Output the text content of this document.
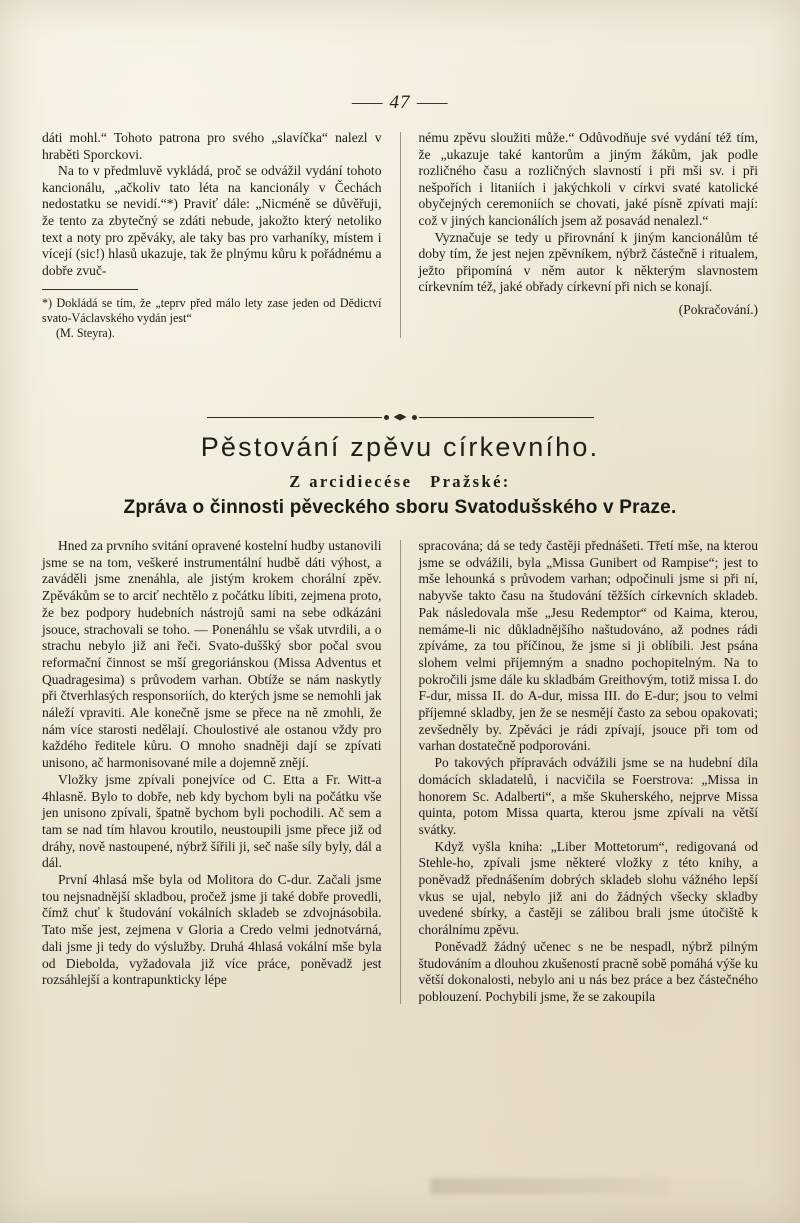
— 47 —

dáti mohl.“ Tohoto patrona pro svého „slavíčka“ nalezl v hraběti Sporckovi.

Na to v předmluvě vykládá, proč se odvážil vydání tohoto kancionálu, „ačkoliv tato léta na kancionály v Čechách nedostatku se nevidí.“*) Praviť dále: „Nicméně se důvěřuji, že tento za zbytečný se zdáti nebude, jakožto který netoliko text a noty pro zpěváky, ale taky bas pro varhaníky, místem i vícejí (sic!) hlasů ukazuje, tak že plnýmu kůru k pořádnému a dobře zvuč-

*) Dokládá se tím, že „teprv před málo lety zase jeden od Dědictví svato-Václavského vydán jest“
(M. Steyra).

nému zpěvu sloužiti může.“ Odůvodňuje své vydání též tím, že „ukazuje také kantorům a jiným žákům, jak podle rozličného času a rozličných slavností i při mši sv. i při nešpořích i litaniích i jakýchkoli v církvi svaté katolické obyčejných ceremoniích se chovati, jaké písně zpívati mají: což v jiných kancionálích jsem až posavád nenalezl.“

Vyznačuje se tedy u přirovnání k jiným kancionálům té doby tím, že jest nejen zpěvníkem, nýbrž částečně i ritualem, ježto připomíná v něm autor k některým slavnostem církevním též, jaké obřady církevní při nich se konají.

(Pokračování.)
Pěstování zpěvu církevního.
Z arcidiecése Pražské:
Zpráva o činnosti pěveckého sboru Svatodušského v Praze.

Hned za prvního svitání opravené kostelní hudby ustanovili jsme se na tom, veškeré instrumentální hudbě dáti výhost, a zaváděli jsme znenáhla, ale jistým krokem chorální zpěv. Zpěvákům se to arciť nechtělo z počátku líbiti, zejmena proto, že bez podpory hudebních nástrojů sami na sebe odkázáni jsouce, strachovali se toho. — Ponenáhlu se však utvrdili, a o strachu nebylo již ani řeči. Svato-duššký sbor počal svou reformační činnost se mší gregoriánskou (Missa Adventus et Quadragesima) s průvodem varhan. Obtíže se nám naskytly při čtverhlasých responsoriích, do kterých jsme se nemohli jak náleží vpraviti. Ale konečně jsme se přece na ně zmohli, že nám více starosti nedělají. Choulostivé ale ostanou vždy pro každého ředitele kůru. O mnoho snadněji dají se zpívati unisono, ač harmonisované mile a dojemně znějí.

Vložky jsme zpívali ponejvíce od C. Etta a Fr. Witt-a 4hlasně. Bylo to dobře, neb kdy bychom byli na počátku vše jen unisono zpívali, špatně bychom byli pochodili. Ač sem a tam se nad tím hlavou kroutilo, neustoupili jsme přece již od dráhy, nově nastoupené, nýbrž šířili ji, seč naše síly byly, dál a dál.

První 4hlasá mše byla od Molitora do C-dur. Začali jsme tou nejsnadnější skladbou, pročež jsme ji také dobře provedli, čímž chuť k študování vokálních skladeb se zdvojnásobila. Tato mše jest, zejmena v Gloria a Credo velmi jednotvárná, dali jsme ji tedy do výslužby. Druhá 4hlasá vokální mše byla od Diebolda, vyžadovala již více práce, poněvadž jest rozsáhlejší a kontrapunkticky lépe

spracována; dá se tedy častěji přednášeti. Třetí mše, na kterou jsme se odvážili, byla „Missa Gunibert od Rampise“; jest to mše lehounká s průvodem varhan; odpočinuli jsme si při ní, nabyvše takto času na študování těžších církevních skladeb. Pak následovala mše „Jesu Redemptor“ od Kaima, kterou, nemáme-li nic důkladnějšího naštudováno, až podnes rádi zpíváme, za tou příčinou, že jsme si ji oblíbili. Jest psána slohem velmi příjemným a snadno pochopitelným. Na to pokročili jsme dále ku skladbám Greithovým, totiž missa I. do F-dur, missa II. do A-dur, missa III. do E-dur; jsou to velmi příjemné skladby, jen že se nesmějí často za sebou opakovati; zevšedněly by. Zpěváci je rádi zpívají, jsouce při tom od varhan dostatečně podporováni.

Po takových přípravách odvážili jsme se na hudební díla domácích skladatelů, i nacvičila se Foerstrova: „Missa in honorem Sc. Adalberti“, a mše Skuherského, nejprve Missa quinta, potom Missa quarta, kterou jsme zpívali na větší svátky.

Když vyšla kniha: „Liber Mottetorum“, redigovaná od Stehle-ho, zpívali jsme některé vložky z této knihy, a poněvadž přednášením dobrých skladeb slohu vážného lepší vkus se ujal, nebylo již ani do žádných všecky skladby uvedené sbírky, a častěji se zálibou brali jsme útočiště k chorálnímu zpěvu.

Poněvadž žádný učenec s ne be nespadl, nýbrž pilným študováním a dlouhou zkušeností pracně sobě pomáhá výše ku větší dokonalosti, nebylo ani u nás bez práce a bez částečného poblouzení. Pochybili jsme, že se zakoupila
